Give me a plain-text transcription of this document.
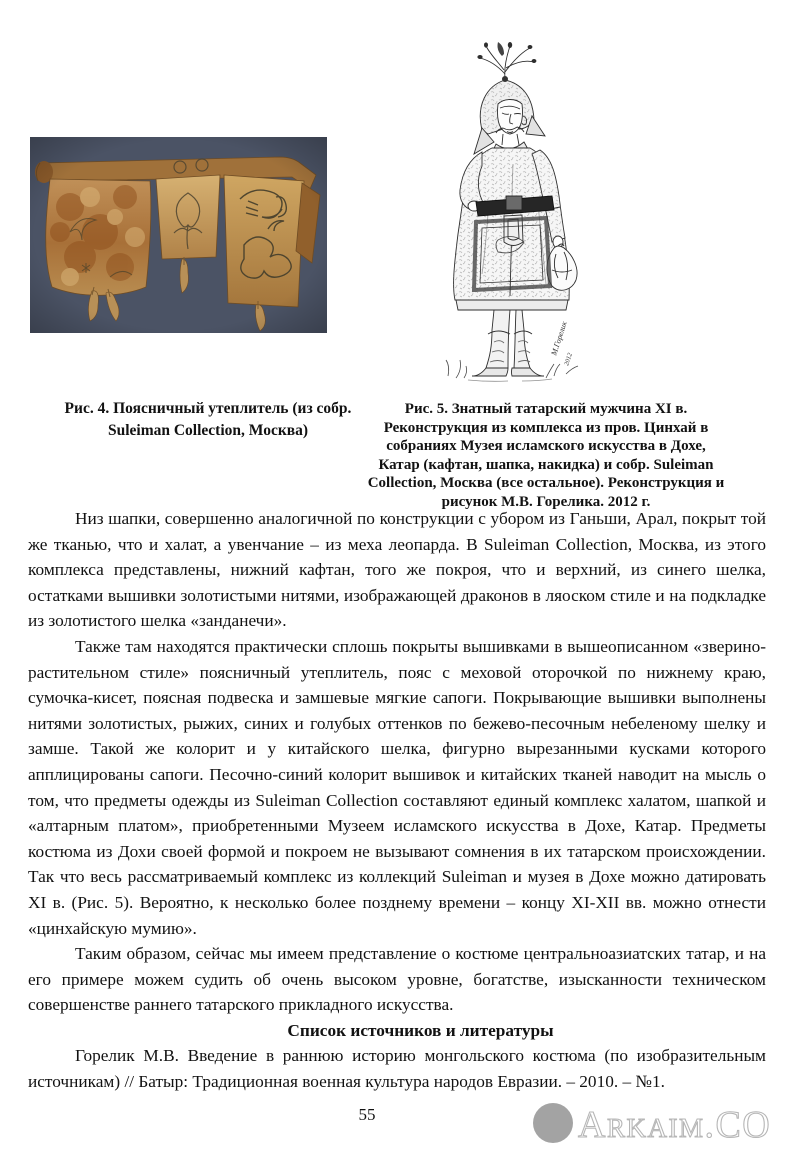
М.Горелик
2012
Рис. 4. Поясничный утеплитель (из собр.
Suleiman Collection, Москва)
Рис. 5. Знатный татарский мужчина XI в.
Реконструкция из комплекса из пров. Цинхай в
собраниях Музея исламского искусства в Дохе,
Катар (кафтан, шапка, накидка) и собр. Suleiman
Collection, Москва (все остальное). Реконструкция и
рисунок М.В. Горелика. 2012 г.

Низ шапки, совершенно аналогичной по конструкции с убором из Ганьши, Арал, покрыт той же тканью, что и халат, а увенчание – из меха леопарда. В Suleiman Collection, Москва, из этого комплекса представлены, нижний кафтан, того же покроя, что и верхний, из синего шелка, остатками вышивки золотистыми нитями, изображающей драконов в ляоском стиле и на подкладке из золотистого шелка «занданечи».

Также там находятся практически сплошь покрыты вышивками в вышеописанном «зверино-растительном стиле» поясничный утеплитель, пояс с меховой оторочкой по нижнему краю, сумочка-кисет, поясная подвеска и замшевые мягкие сапоги. Покрывающие вышивки выполнены нитями золотистых, рыжих, синих и голубых оттенков по бежево-песочным небеленому шелку и замше. Такой же колорит и у китайского шелка, фигурно вырезанными кусками которого апплицированы сапоги. Песочно-синий колорит вышивок и китайских тканей наводит на мысль о том, что предметы одежды из Suleiman Collection составляют единый комплекс халатом, шапкой и «алтарным платом», приобретенными Музеем исламского искусства в Дохе, Катар. Предметы костюма из Дохи своей формой и покроем не вызывают сомнения в их татарском происхождении. Так что весь рассматриваемый комплекс из коллекций Suleiman и музея в Дохе можно датировать XI в. (Рис. 5). Вероятно, к несколько более позднему времени – концу XI-XII вв. можно отнести «цинхайскую мумию».

Таким образом, сейчас мы имеем представление о костюме центральноазиатских татар, и на его примере можем судить об очень высоком уровне, богатстве, изысканности техническом совершенстве раннего татарского прикладного искусства.

Список источников и литературы

Горелик М.В. Введение в раннюю историю монгольского костюма (по изобразительным источникам) // Батыр: Традиционная военная культура народов Евразии. – 2010. – №1.

55	Arkaim.CO
